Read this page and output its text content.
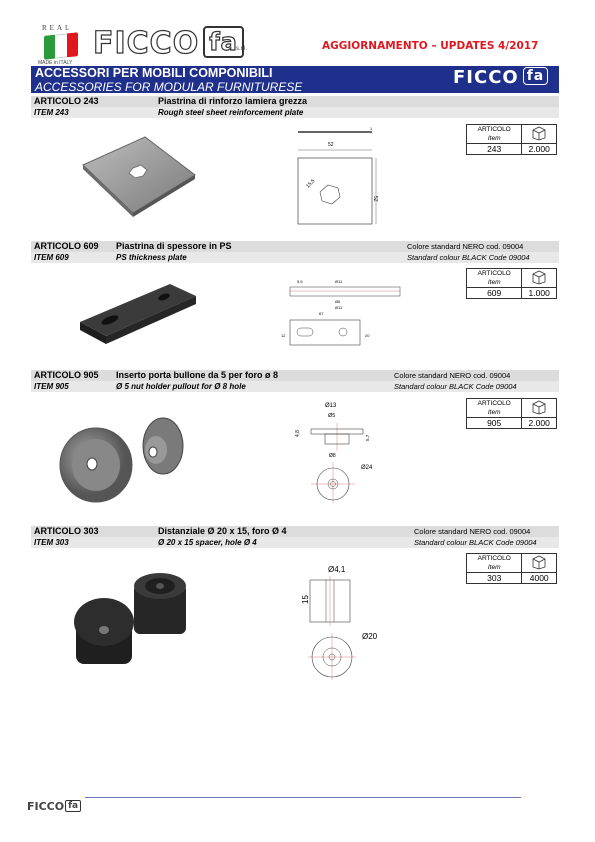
REAL
MADE in ITALY
FICCO fa
s.r.l.	AGGIORNAMENTO – UPDATES 4/2017
ACCESSORI PER MOBILI COMPONIBILI
ACCESSORIES FOR MODULAR FURNITURESE	FICCO fa
ARTICOLO 243	Piastrina di rinforzo lamiera grezza
ITEM 243	Rough steel sheet reinforcement plate
ARTICOLO
Item

243	2.000
52
52
15,5
1
ARTICOLO 609 Piastrina di spessore in PS	Colore standard NERO cod. 09004
ITEM 609	PS thickness plate	Standard colour BLACK Code 09004
ARTICOLO
Item

609	1.000
5,5	Ø11
Ø6
Ø11
67
12	20
ARTICOLO 905 Inserto porta bullone da 5 per foro ø 8	Colore standard NERO cod. 09004
ITEM 905	Ø 5 nut holder pullout for Ø 8 hole	Standard colour BLACK Code 09004
ARTICOLO
Item

905	2.000
Ø13
Ø5
4,8
5,7
Ø8
Ø24
ARTICOLO 303	Distanziale Ø 20 x 15, foro Ø 4	Colore standard NERO cod. 09004
ITEM 303	Ø 20 x 15 spacer, hole Ø 4	Standard colour BLACK Code 09004
ARTICOLO
Item

303	4000
Ø4,1
15
Ø20
FICCO fa
